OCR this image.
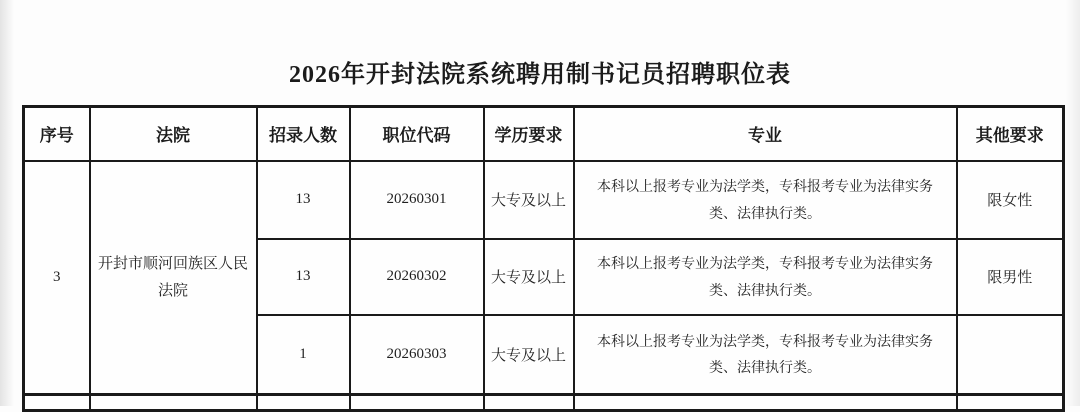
2026年开封法院系统聘用制书记员招聘职位表
序号	法院	招录人数	职位代码	学历要求	专业	其他要求
3	开封市顺河回族区人民法院	13	20260301	大专及以上	本科以上报考专业为法学类，专科报考专业为法律实务类、法律执行类。	限女性
		13	20260302	大专及以上	本科以上报考专业为法学类，专科报考专业为法律实务类、法律执行类。	限男性
		1	20260303	大专及以上	本科以上报考专业为法学类，专科报考专业为法律实务类、法律执行类。	
